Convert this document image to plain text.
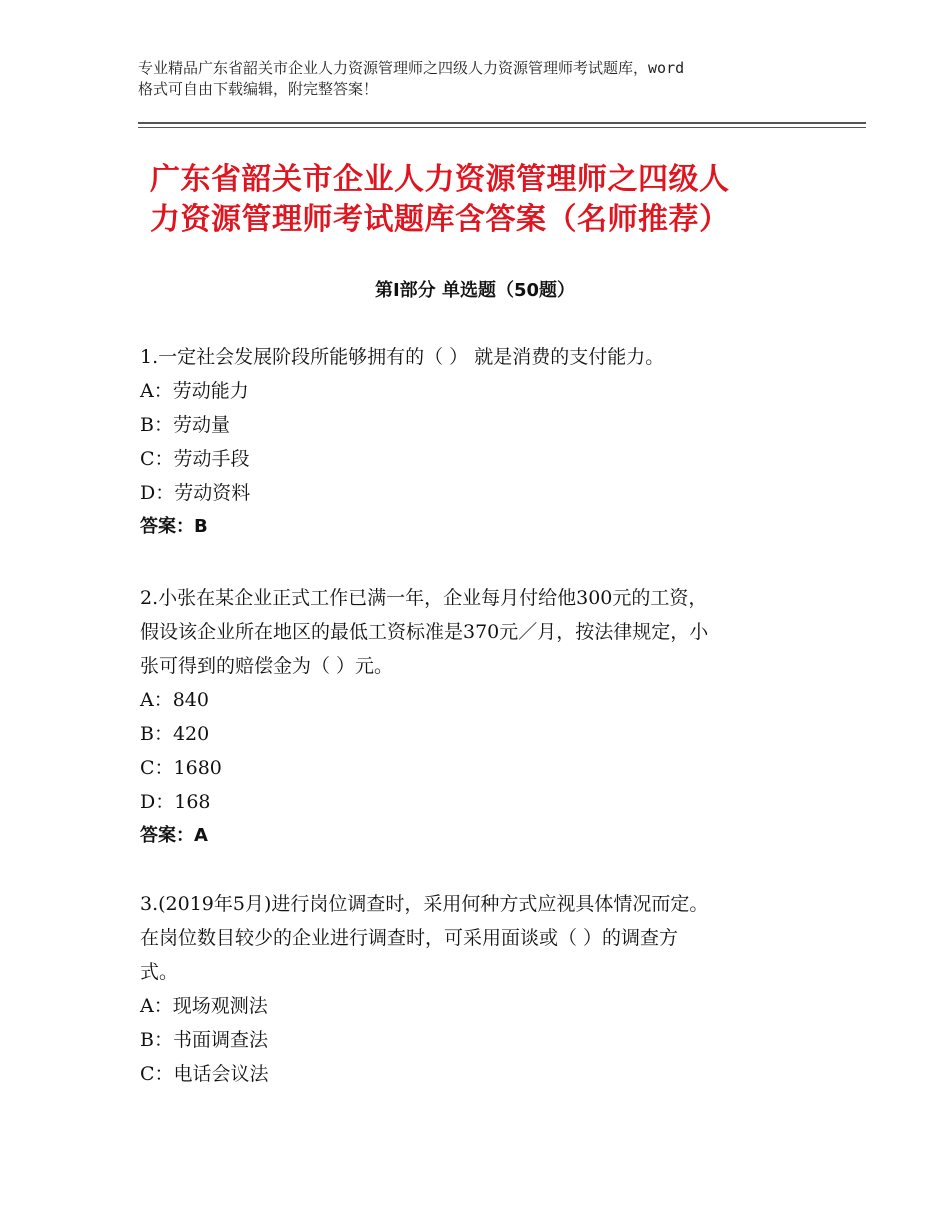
专业精品广东省韶关市企业人力资源管理师之四级人力资源管理师考试题库，word
格式可自由下载编辑，附完整答案！
广东省韶关市企业人力资源管理师之四级人
力资源管理师考试题库含答案（名师推荐）
第Ⅰ部分 单选题（50题）
1.一定社会发展阶段所能够拥有的（ ） 就是消费的支付能力。
A：劳动能力
B：劳动量
C：劳动手段
D：劳动资料
答案：B
2.小张在某企业正式工作已满一年，企业每月付给他300元的工资，
假设该企业所在地区的最低工资标准是370元／月，按法律规定，小
张可得到的赔偿金为（ ）元。
A：840
B：420
C：1680
D：168
答案：A
3.(2019年5月)进行岗位调查时，采用何种方式应视具体情况而定。
在岗位数目较少的企业进行调查时，可采用面谈或（ ）的调查方
式。
A：现场观测法
B：书面调查法
C：电话会议法
